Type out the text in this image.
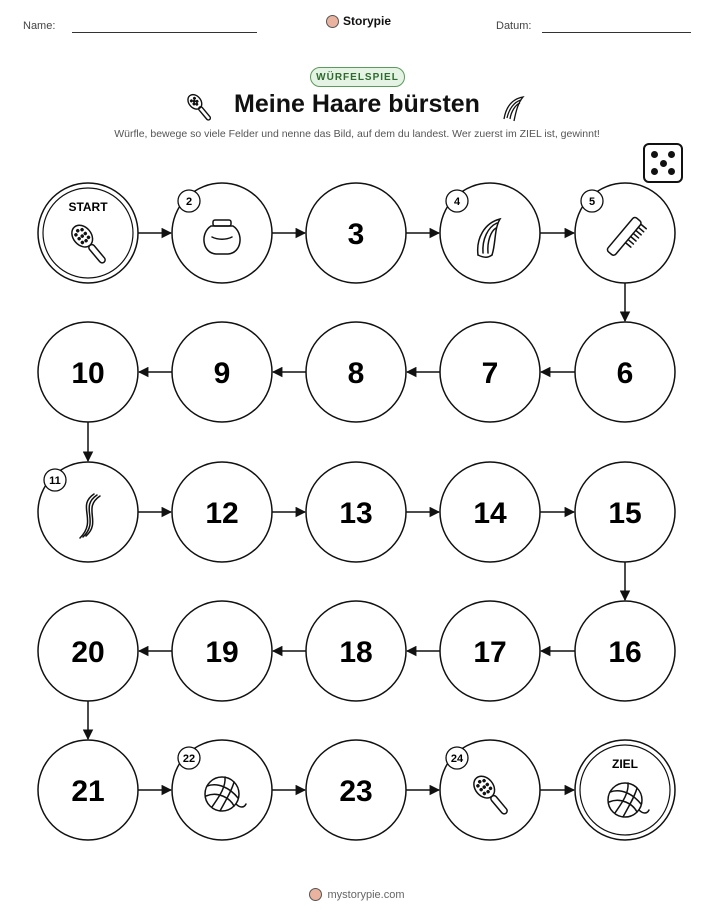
Name:	Storypie	Datum:
WÜRFELSPIEL
Meine Haare bürsten
Würfle, bewege so viele Felder und nenne das Bild, auf dem du landest. Wer zuerst im ZIEL ist, gewinnt!
START	2
3
4	5
6
7
8
9
10
11
12	13	14	15
16
17
18
19
20
21
22
23
24	ZIEL
mystorypie.com
